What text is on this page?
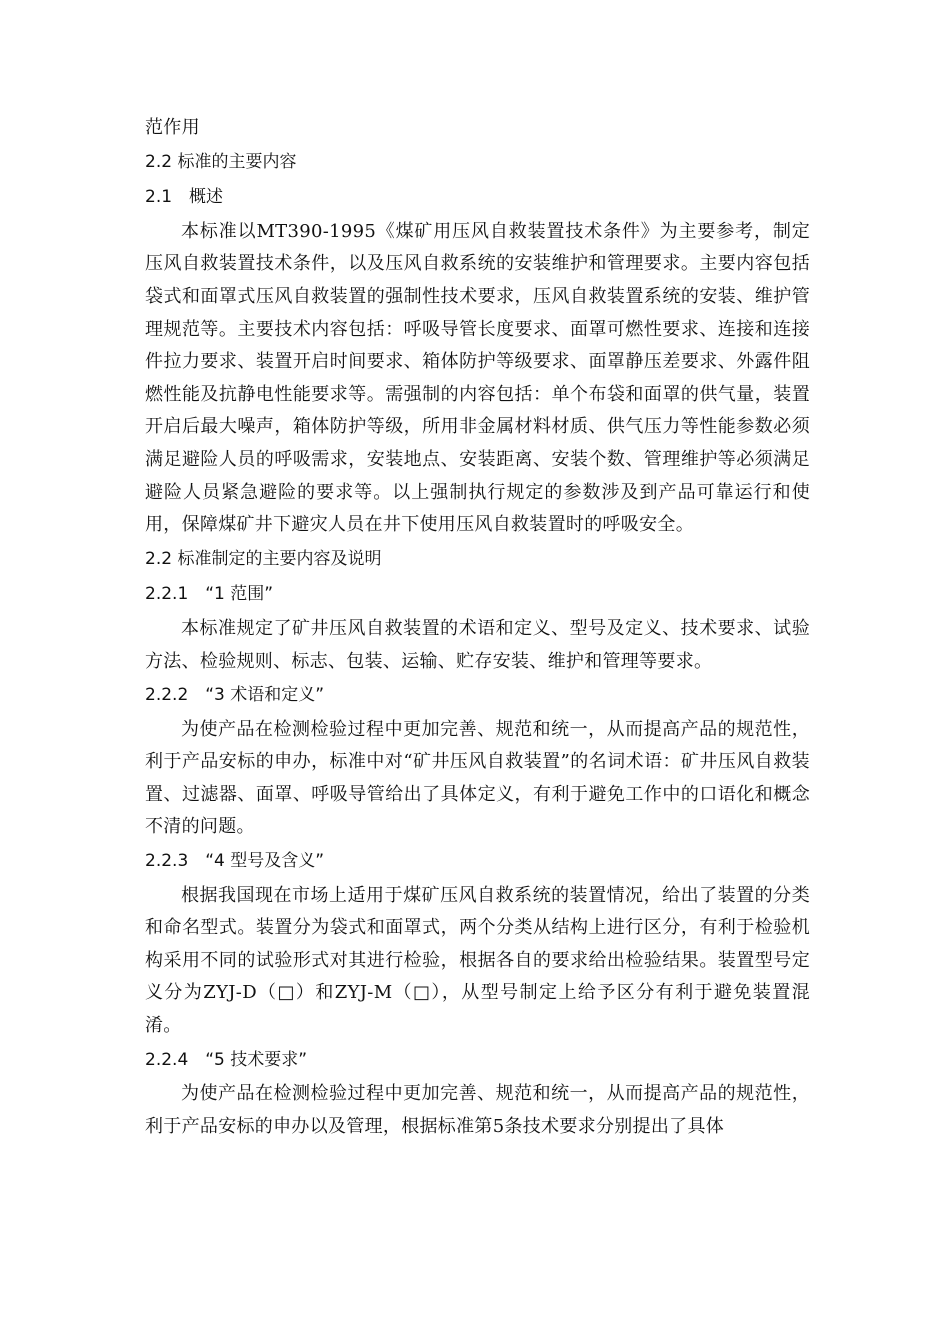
范作用

2.2 标准的主要内容

2.1　概述

本标准以MT390-1995《煤矿用压风自救装置技术条件》为主要参考，制定压风自救装置技术条件，以及压风自救系统的安装维护和管理要求。主要内容包括袋式和面罩式压风自救装置的强制性技术要求，压风自救装置系统的安装、维护管理规范等。主要技术内容包括：呼吸导管长度要求、面罩可燃性要求、连接和连接件拉力要求、装置开启时间要求、箱体防护等级要求、面罩静压差要求、外露件阻燃性能及抗静电性能要求等。需强制的内容包括：单个布袋和面罩的供气量，装置开启后最大噪声，箱体防护等级，所用非金属材料材质、供气压力等性能参数必须满足避险人员的呼吸需求，安装地点、安装距离、安装个数、管理维护等必须满足避险人员紧急避险的要求等。以上强制执行规定的参数涉及到产品可靠运行和使用，保障煤矿井下避灾人员在井下使用压风自救装置时的呼吸安全。

2.2 标准制定的主要内容及说明

2.2.1　“1 范围”

本标准规定了矿井压风自救装置的术语和定义、型号及定义、技术要求、试验方法、检验规则、标志、包装、运输、贮存安装、维护和管理等要求。

2.2.2　“3 术语和定义”

为使产品在检测检验过程中更加完善、规范和统一，从而提高产品的规范性，利于产品安标的申办，标准中对“矿井压风自救装置”的名词术语：矿井压风自救装置、过滤器、面罩、呼吸导管给出了具体定义，有利于避免工作中的口语化和概念不清的问题。

2.2.3　“4 型号及含义”

根据我国现在市场上适用于煤矿压风自救系统的装置情况，给出了装置的分类和命名型式。装置分为袋式和面罩式，两个分类从结构上进行区分，有利于检验机构采用不同的试验形式对其进行检验，根据各自的要求给出检验结果。装置型号定义分为ZYJ-D（□）和ZYJ-M（□），从型号制定上给予区分有利于避免装置混淆。

2.2.4　“5 技术要求”

为使产品在检测检验过程中更加完善、规范和统一，从而提高产品的规范性，利于产品安标的申办以及管理，根据标准第5条技术要求分别提出了具体
